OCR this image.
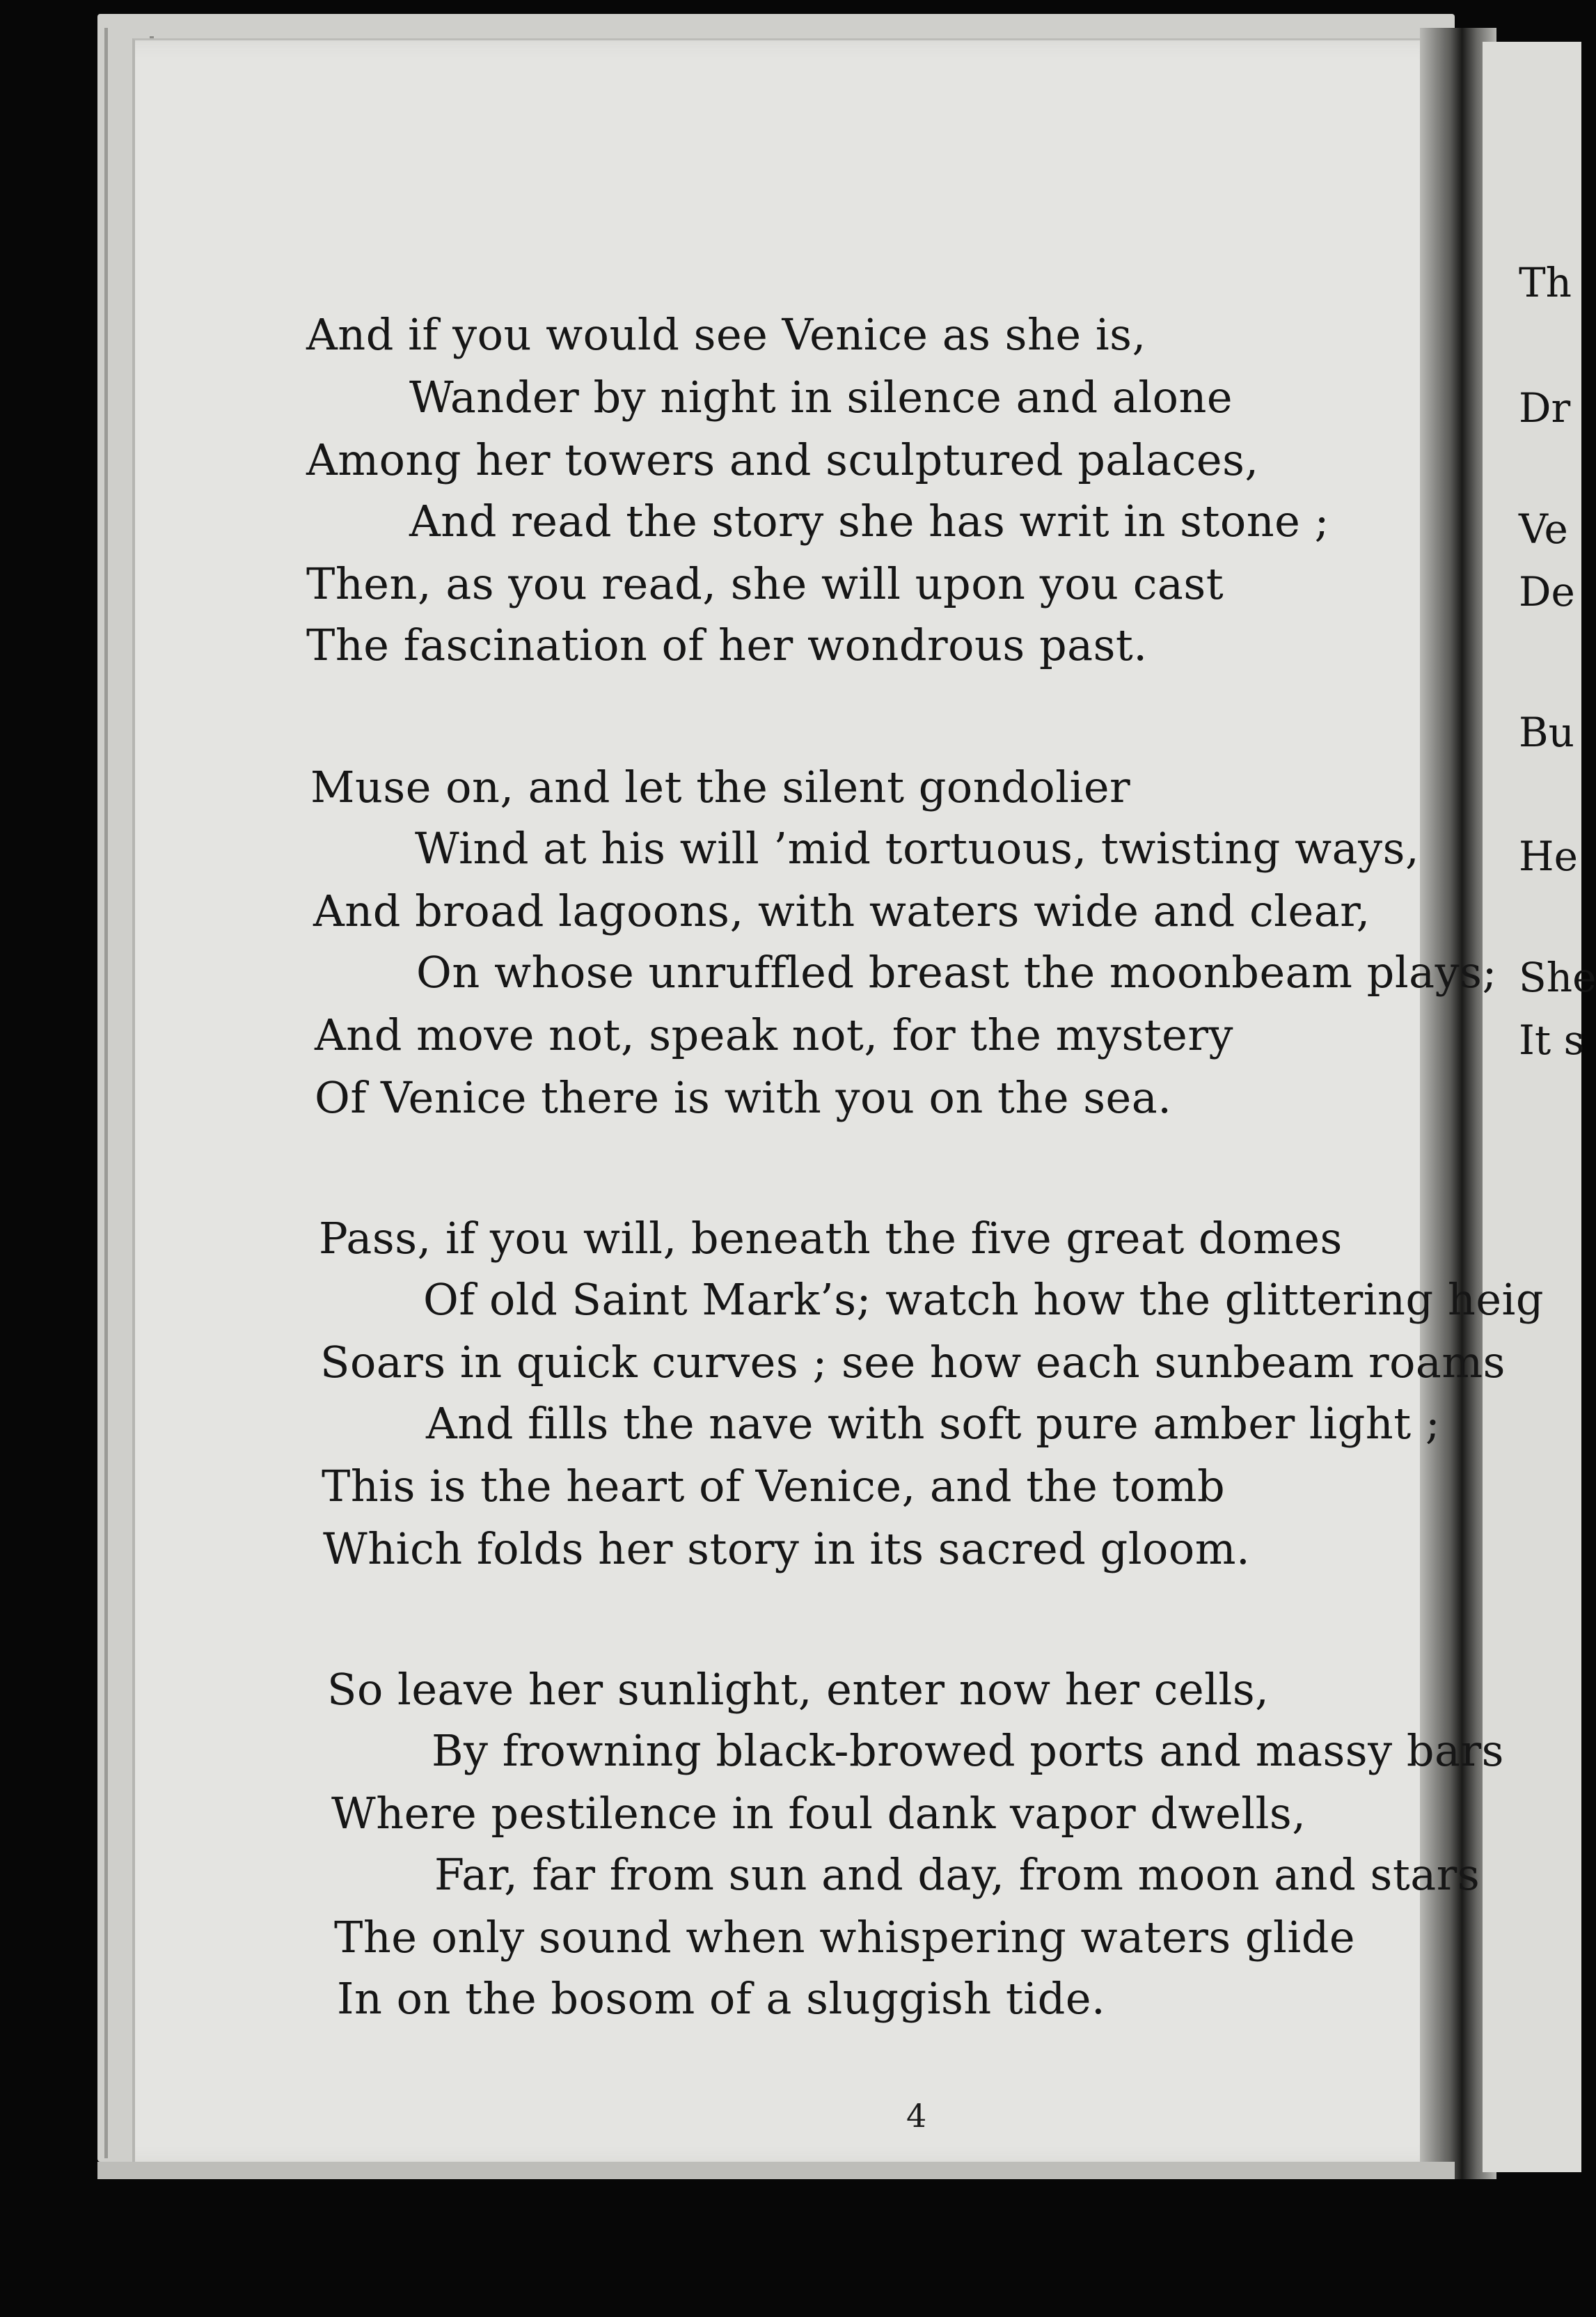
And if you would see Venice as she is,
Wander by night in silence and alone
Among her towers and sculptured palaces,
And read the story she has writ in stone ;
Then, as you read, she will upon you cast
The fascination of her wondrous past.
Muse on, and let the silent gondolier
Wind at his will ’mid tortuous, twisting ways,
And broad lagoons, with waters wide and clear,
On whose unruffled breast the moonbeam plays;
And move not, speak not, for the mystery
Of Venice there is with you on the sea.
Pass, if you will, beneath the five great domes
Of old Saint Mark’s; watch how the glittering heig
Soars in quick curves ; see how each sunbeam roams
And fills the nave with soft pure amber light ;
This is the heart of Venice, and the tomb
Which folds her story in its sacred gloom.
So leave her sunlight, enter now her cells,
By frowning black-browed ports and massy bars
Where pestilence in foul dank vapor dwells,
Far, far from sun and day, from moon and stars
The only sound when whispering waters glide
In on the bosom of a sluggish tide.
4
Th
Dr
Ve
De
Bu
He
She
It s
